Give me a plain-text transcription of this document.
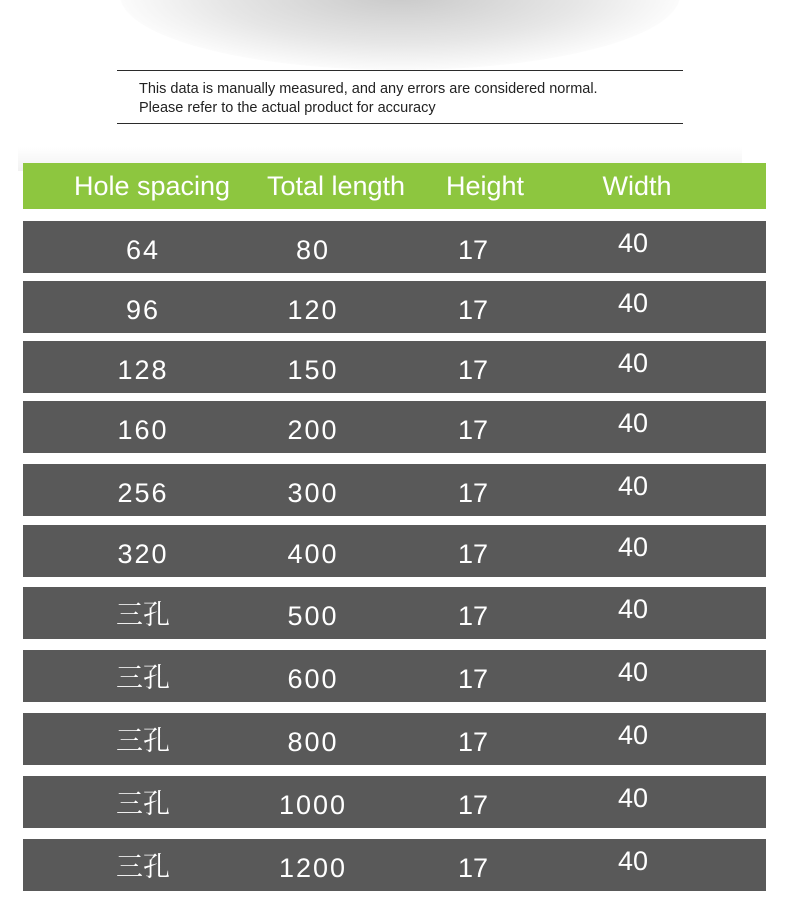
This data is manually measured, and any errors are considered normal.
Please refer to the actual product for accuracy
Hole spacing	Total length	Height	Width
64	80	17	40
96	120	17	40
128	150	17	40
160	200	17	40
256	300	17	40
320	400	17	40
三孔	500	17	40
三孔	600	17	40
三孔	800	17	40
三孔	1000	17	40
三孔	1200	17	40
